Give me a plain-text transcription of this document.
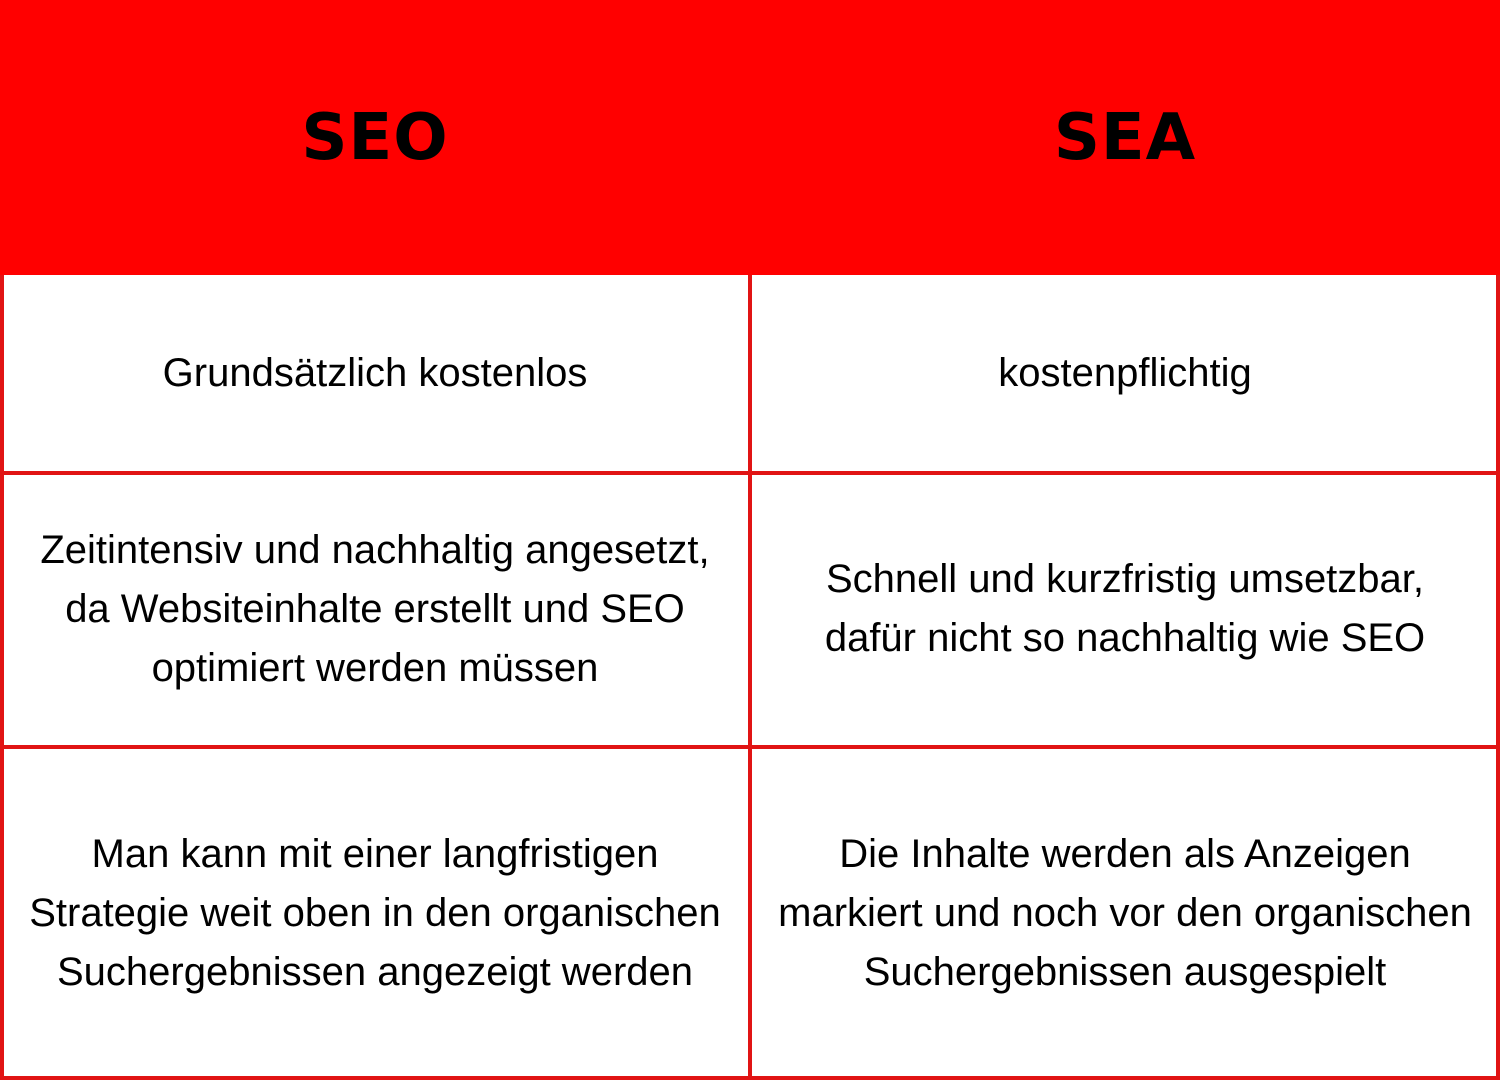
SEO	SEA
Grundsätzlich kostenlos	kostenpflichtig
Zeitintensiv und nachhaltig angesetzt, da Websiteinhalte erstellt und SEO optimiert werden müssen
Schnell und kurzfristig umsetzbar, dafür nicht so nachhaltig wie SEO
Man kann mit einer langfristigen Strategie weit oben in den organischen Suchergebnissen angezeigt werden
Die Inhalte werden als Anzeigen markiert und noch vor den organischen Suchergebnissen ausgespielt
